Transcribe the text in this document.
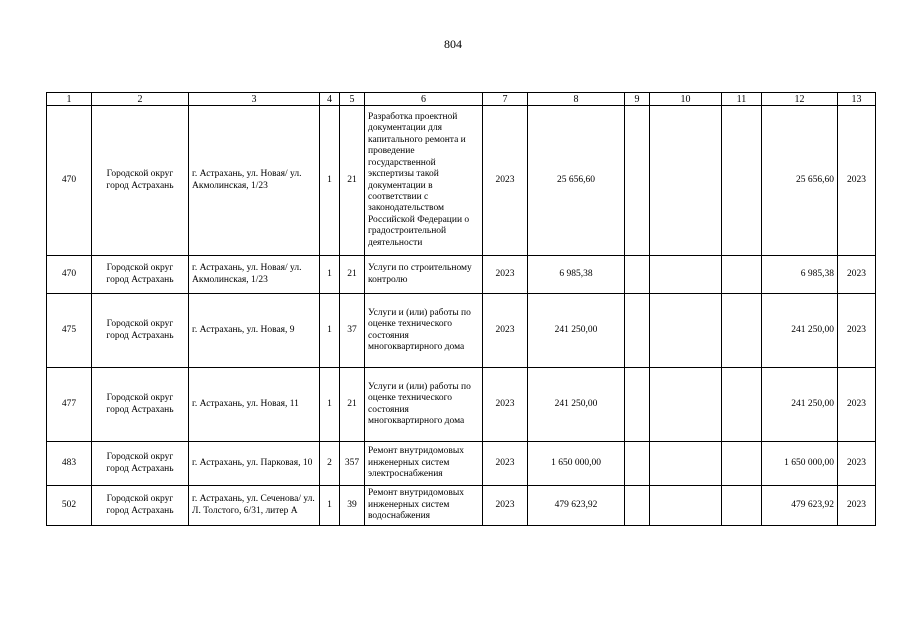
804
1	2	3	4	5	6	7	8	9	10	11	12	13
470	Городской округ город Астрахань	г. Астрахань, ул. Новая/ ул. Акмолинская, 1/23	1	21	Разработка проектной документации для капитального ремонта и проведение государственной экспертизы такой документации в соответствии с законодательством Российской Федерации о градостроительной деятельности	2023	25 656,60				25 656,60	2023
470	Городской округ город Астрахань	г. Астрахань, ул. Новая/ ул. Акмолинская, 1/23	1	21	Услуги по строительному контролю	2023	6 985,38				6 985,38	2023
475	Городской округ город Астрахань	г. Астрахань, ул. Новая, 9	1	37	Услуги и (или) работы по оценке технического состояния многоквартирного дома	2023	241 250,00				241 250,00	2023
477	Городской округ город Астрахань	г. Астрахань, ул. Новая, 11	1	21	Услуги и (или) работы по оценке технического состояния многоквартирного дома	2023	241 250,00				241 250,00	2023
483	Городской округ город Астрахань	г. Астрахань, ул. Парковая, 10	2	357	Ремонт внутридомовых инженерных систем электроснабжения	2023	1 650 000,00				1 650 000,00	2023
502	Городской округ город Астрахань	г. Астрахань, ул. Сеченова/ ул. Л. Толстого, 6/31, литер А	1	39	Ремонт внутридомовых инженерных систем водоснабжения	2023	479 623,92				479 623,92	2023
